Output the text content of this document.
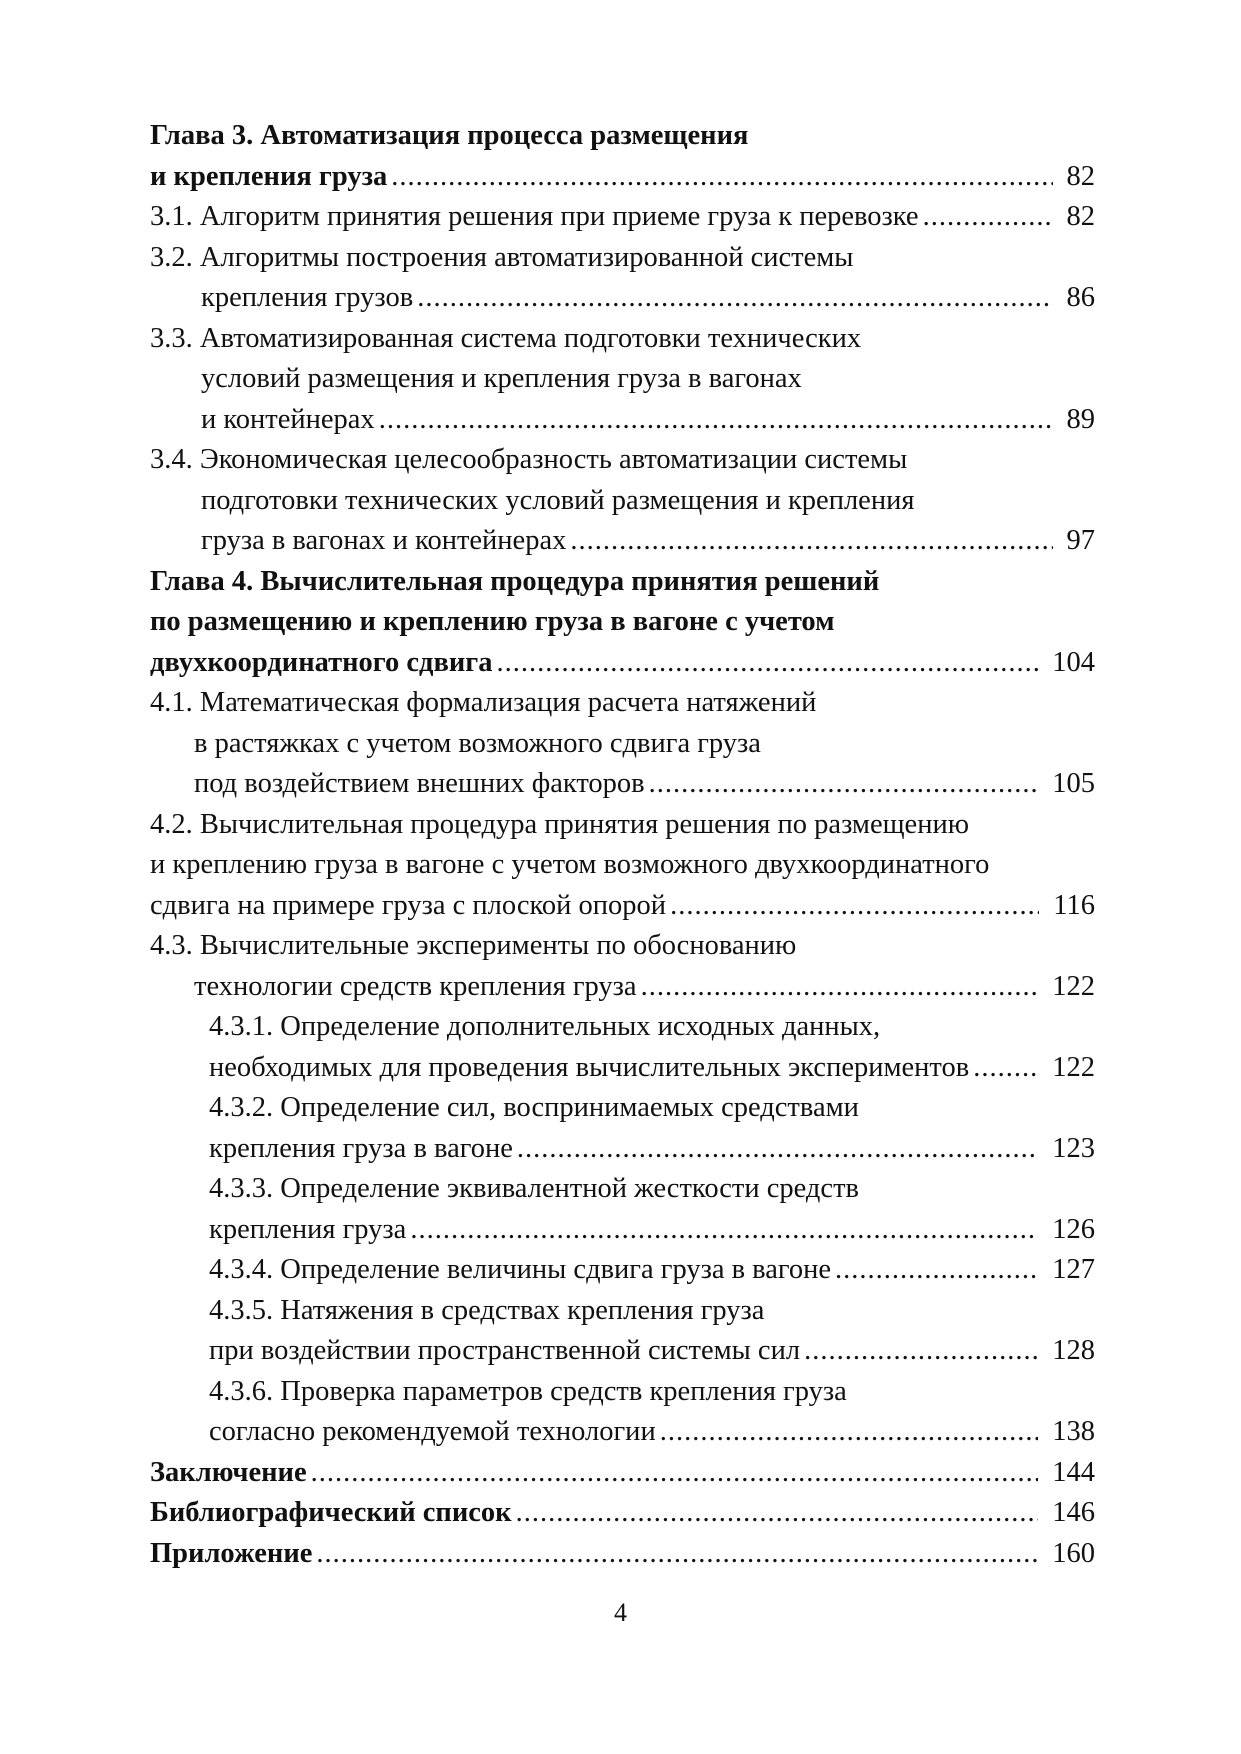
Глава 3. Автоматизация процесса размещения
и крепления груза .....	82
3.1. Алгоритм принятия решения при приеме груза к перевозке .....	82
3.2. Алгоритмы построения автоматизированной системы
крепления грузов .....	86
3.3. Автоматизированная система подготовки технических
условий размещения и крепления груза в вагонах
и контейнерах .....	89
3.4. Экономическая целесообразность автоматизации системы
подготовки технических условий размещения и крепления
груза в вагонах и контейнерах .....	97
Глава 4. Вычислительная процедура принятия решений
по размещению и креплению груза в вагоне с учетом
двухкоординатного сдвига .....	104
4.1. Математическая формализация расчета натяжений
в растяжках с учетом возможного сдвига груза
под воздействием внешних факторов .....	105
4.2. Вычислительная процедура принятия решения по размещению
и креплению груза в вагоне с учетом возможного двухкоординатного
сдвига на примере груза с плоской опорой .....	116
4.3. Вычислительные эксперименты по обоснованию
технологии средств крепления груза .....	122
4.3.1. Определение дополнительных исходных данных,
необходимых для проведения вычислительных экспериментов .....	122
4.3.2. Определение сил, воспринимаемых средствами
крепления груза в вагоне .....	123
4.3.3. Определение эквивалентной жесткости средств
крепления груза .....	126
4.3.4. Определение величины сдвига груза в вагоне .....	127
4.3.5. Натяжения в средствах крепления груза
при воздействии пространственной системы сил .....	128
4.3.6. Проверка параметров средств крепления груза
согласно рекомендуемой технологии .....	138
Заключение .....	144
Библиографический список .....	146
Приложение .....	160
4
